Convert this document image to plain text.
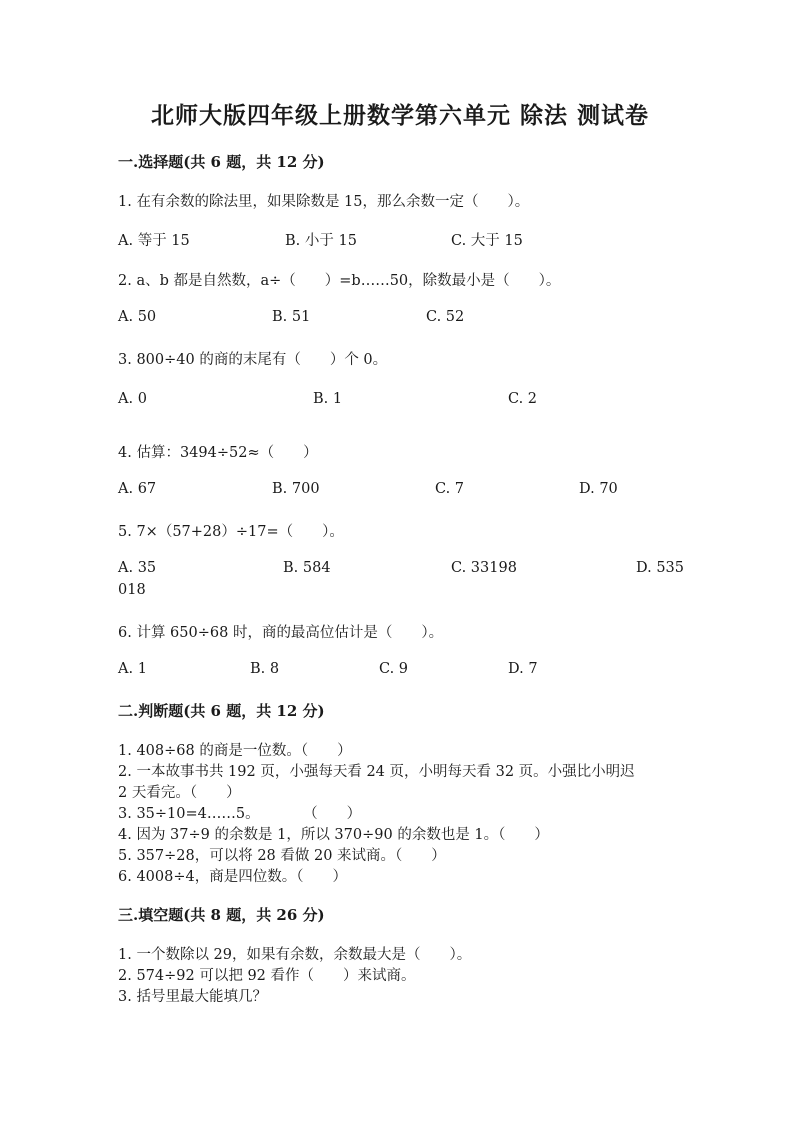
北师大版四年级上册数学第六单元 除法 测试卷
一.选择题(共 6 题，共 12 分)
1. 在有余数的除法里，如果除数是 15，那么余数一定（　　）。
A. 等于 15	B. 小于 15	C. 大于 15
2. a、b 都是自然数，a÷（　　）=b……50，除数最小是（　　）。
A. 50	B. 51	C. 52
3. 800÷40 的商的末尾有（　　）个 0。
A. 0	B. 1	C. 2
4. 估算：3494÷52≈（　　）
A. 67	B. 700	C. 7	D. 70
5. 7×（57+28）÷17=（　　）。
A. 35	B. 584	C. 33198	D. 535
018
6. 计算 650÷68 时，商的最高位估计是（　　）。
A. 1	B. 8	C. 9	D. 7
二.判断题(共 6 题，共 12 分)
1. 408÷68 的商是一位数。（　　）
2. 一本故事书共 192 页，小强每天看 24 页，小明每天看 32 页。小强比小明迟
2 天看完。（　　）
3. 35÷10=4……5。　　　　（　　）
4. 因为 37÷9 的余数是 1，所以 370÷90 的余数也是 1。（　　）
5. 357÷28，可以将 28 看做 20 来试商。（　　）
6. 4008÷4，商是四位数。（　　）
三.填空题(共 8 题，共 26 分)
1. 一个数除以 29，如果有余数，余数最大是（　　）。
2. 574÷92 可以把 92 看作（　　）来试商。
3. 括号里最大能填几？
